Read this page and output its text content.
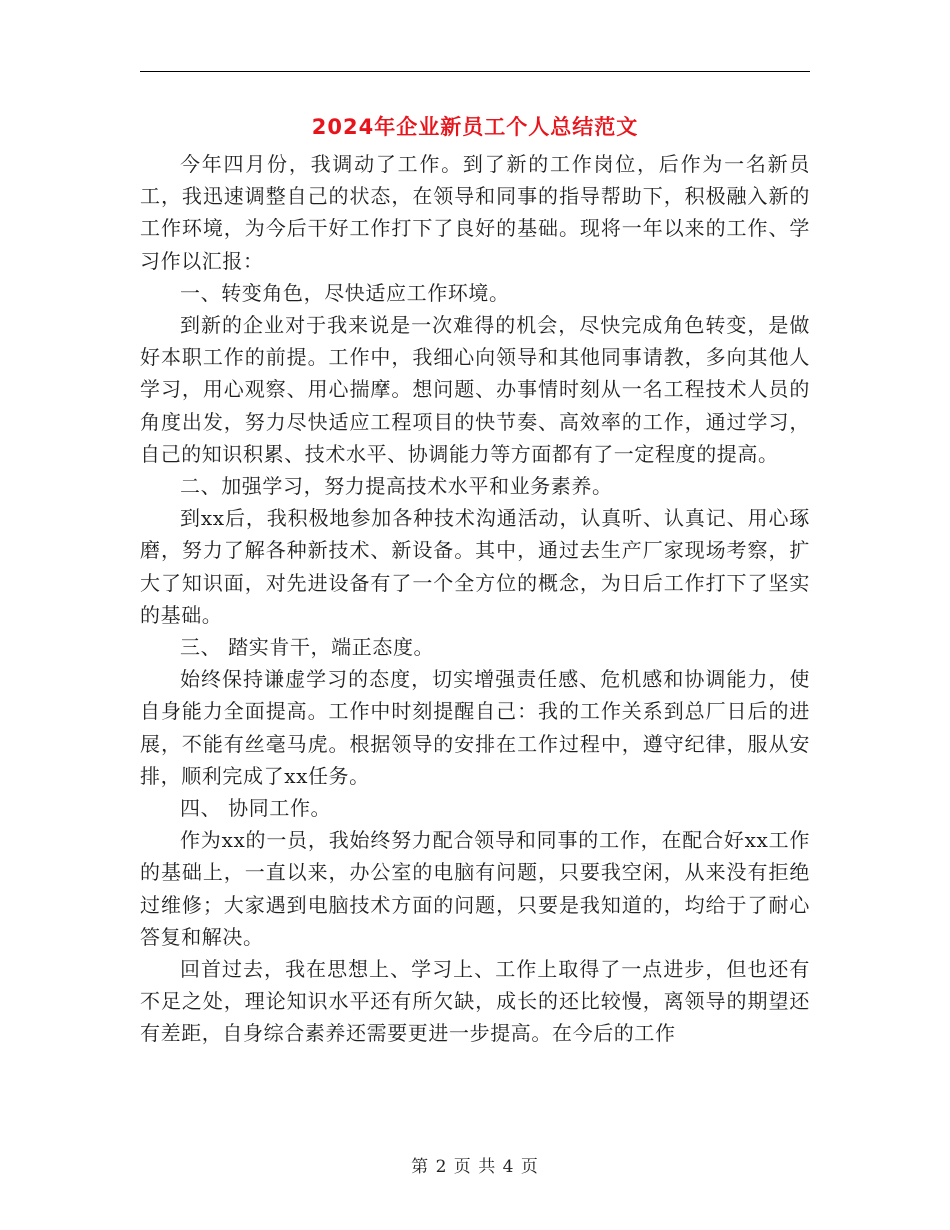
2024年企业新员工个人总结范文

今年四月份，我调动了工作。到了新的工作岗位，后作为一名新员工，我迅速调整自己的状态，在领导和同事的指导帮助下，积极融入新的工作环境，为今后干好工作打下了良好的基础。现将一年以来的工作、学习作以汇报：

一、转变角色，尽快适应工作环境。

到新的企业对于我来说是一次难得的机会，尽快完成角色转变，是做好本职工作的前提。工作中，我细心向领导和其他同事请教，多向其他人学习，用心观察、用心揣摩。想问题、办事情时刻从一名工程技术人员的角度出发，努力尽快适应工程项目的快节奏、高效率的工作，通过学习，自己的知识积累、技术水平、协调能力等方面都有了一定程度的提高。

二、加强学习，努力提高技术水平和业务素养。

到xx后，我积极地参加各种技术沟通活动，认真听、认真记、用心琢磨，努力了解各种新技术、新设备。其中，通过去生产厂家现场考察，扩大了知识面，对先进设备有了一个全方位的概念，为日后工作打下了坚实的基础。

三、 踏实肯干，端正态度。

始终保持谦虚学习的态度，切实增强责任感、危机感和协调能力，使自身能力全面提高。工作中时刻提醒自己：我的工作关系到总厂日后的进展，不能有丝毫马虎。根据领导的安排在工作过程中，遵守纪律，服从安排，顺利完成了xx任务。

四、 协同工作。

作为xx的一员，我始终努力配合领导和同事的工作，在配合好xx工作的基础上，一直以来，办公室的电脑有问题，只要我空闲，从来没有拒绝过维修；大家遇到电脑技术方面的问题，只要是我知道的，均给于了耐心答复和解决。

回首过去，我在思想上、学习上、工作上取得了一点进步，但也还有不足之处，理论知识水平还有所欠缺，成长的还比较慢，离领导的期望还有差距，自身综合素养还需要更进一步提高。在今后的工作

第 2 页 共 4 页
